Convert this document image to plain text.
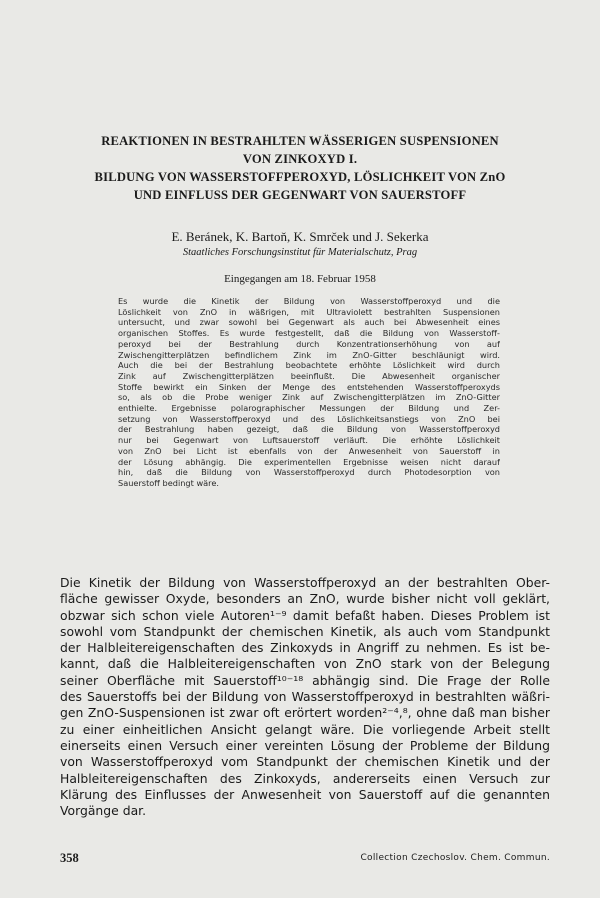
REAKTIONEN IN BESTRAHLTEN WÄSSERIGEN SUSPENSIONEN
VON ZINKOXYD I.
BILDUNG VON WASSERSTOFFPEROXYD, LÖSLICHKEIT VON ZnO
UND EINFLUSS DER GEGENWART VON SAUERSTOFF
E. Beránek, K. Bartoň, K. Smrček und J. Sekerka
Staatliches Forschungsinstitut für Materialschutz, Prag
Eingegangen am 18. Februar 1958
Es wurde die Kinetik der Bildung von Wasserstoffperoxyd und die
Löslichkeit von ZnO in wäßrigen, mit Ultraviolett bestrahlten Suspensionen
untersucht, und zwar sowohl bei Gegenwart als auch bei Abwesenheit eines
organischen Stoffes. Es wurde festgestellt, daß die Bildung von Wasserstoff-
peroxyd bei der Bestrahlung durch Konzentrationserhöhung von auf
Zwischengitterplätzen befindlichem Zink im ZnO-Gitter beschläunigt wird.
Auch die bei der Bestrahlung beobachtete erhöhte Löslichkeit wird durch
Zink auf Zwischengitterplätzen beeinflußt. Die Abwesenheit organischer
Stoffe bewirkt ein Sinken der Menge des entstehenden Wasserstoffperoxyds
so, als ob die Probe weniger Zink auf Zwischengitterplätzen im ZnO-Gitter
enthielte. Ergebnisse polarographischer Messungen der Bildung und Zer-
setzung von Wasserstoffperoxyd und des Löslichkeitsanstiegs von ZnO bei
der Bestrahlung haben gezeigt, daß die Bildung von Wasserstoffperoxyd
nur bei Gegenwart von Luftsauerstoff verläuft. Die erhöhte Löslichkeit
von ZnO bei Licht ist ebenfalls von der Anwesenheit von Sauerstoff in
der Lösung abhängig. Die experimentellen Ergebnisse weisen nicht darauf
hin, daß die Bildung von Wasserstoffperoxyd durch Photodesorption von
Sauerstoff bedingt wäre.
Die Kinetik der Bildung von Wasserstoffperoxyd an der bestrahlten Ober-
fläche gewisser Oxyde, besonders an ZnO, wurde bisher nicht voll geklärt,
obzwar sich schon viele Autoren¹⁻⁹ damit befaßt haben. Dieses Problem ist
sowohl vom Standpunkt der chemischen Kinetik, als auch vom Standpunkt
der Halbleitereigenschaften des Zinkoxyds in Angriff zu nehmen. Es ist be-
kannt, daß die Halbleitereigenschaften von ZnO stark von der Belegung
seiner Oberfläche mit Sauerstoff¹⁰⁻¹⁸ abhängig sind. Die Frage der Rolle
des Sauerstoffs bei der Bildung von Wasserstoffperoxyd in bestrahlten wäßri-
gen ZnO-Suspensionen ist zwar oft erörtert worden²⁻⁴,⁸, ohne daß man bisher
zu einer einheitlichen Ansicht gelangt wäre. Die vorliegende Arbeit stellt
einerseits einen Versuch einer vereinten Lösung der Probleme der Bildung
von Wasserstoffperoxyd vom Standpunkt der chemischen Kinetik und der
Halbleitereigenschaften des Zinkoxyds, andererseits einen Versuch zur
Klärung des Einflusses der Anwesenheit von Sauerstoff auf die genannten
Vorgänge dar.
358	Collection Czechoslov. Chem. Commun.
